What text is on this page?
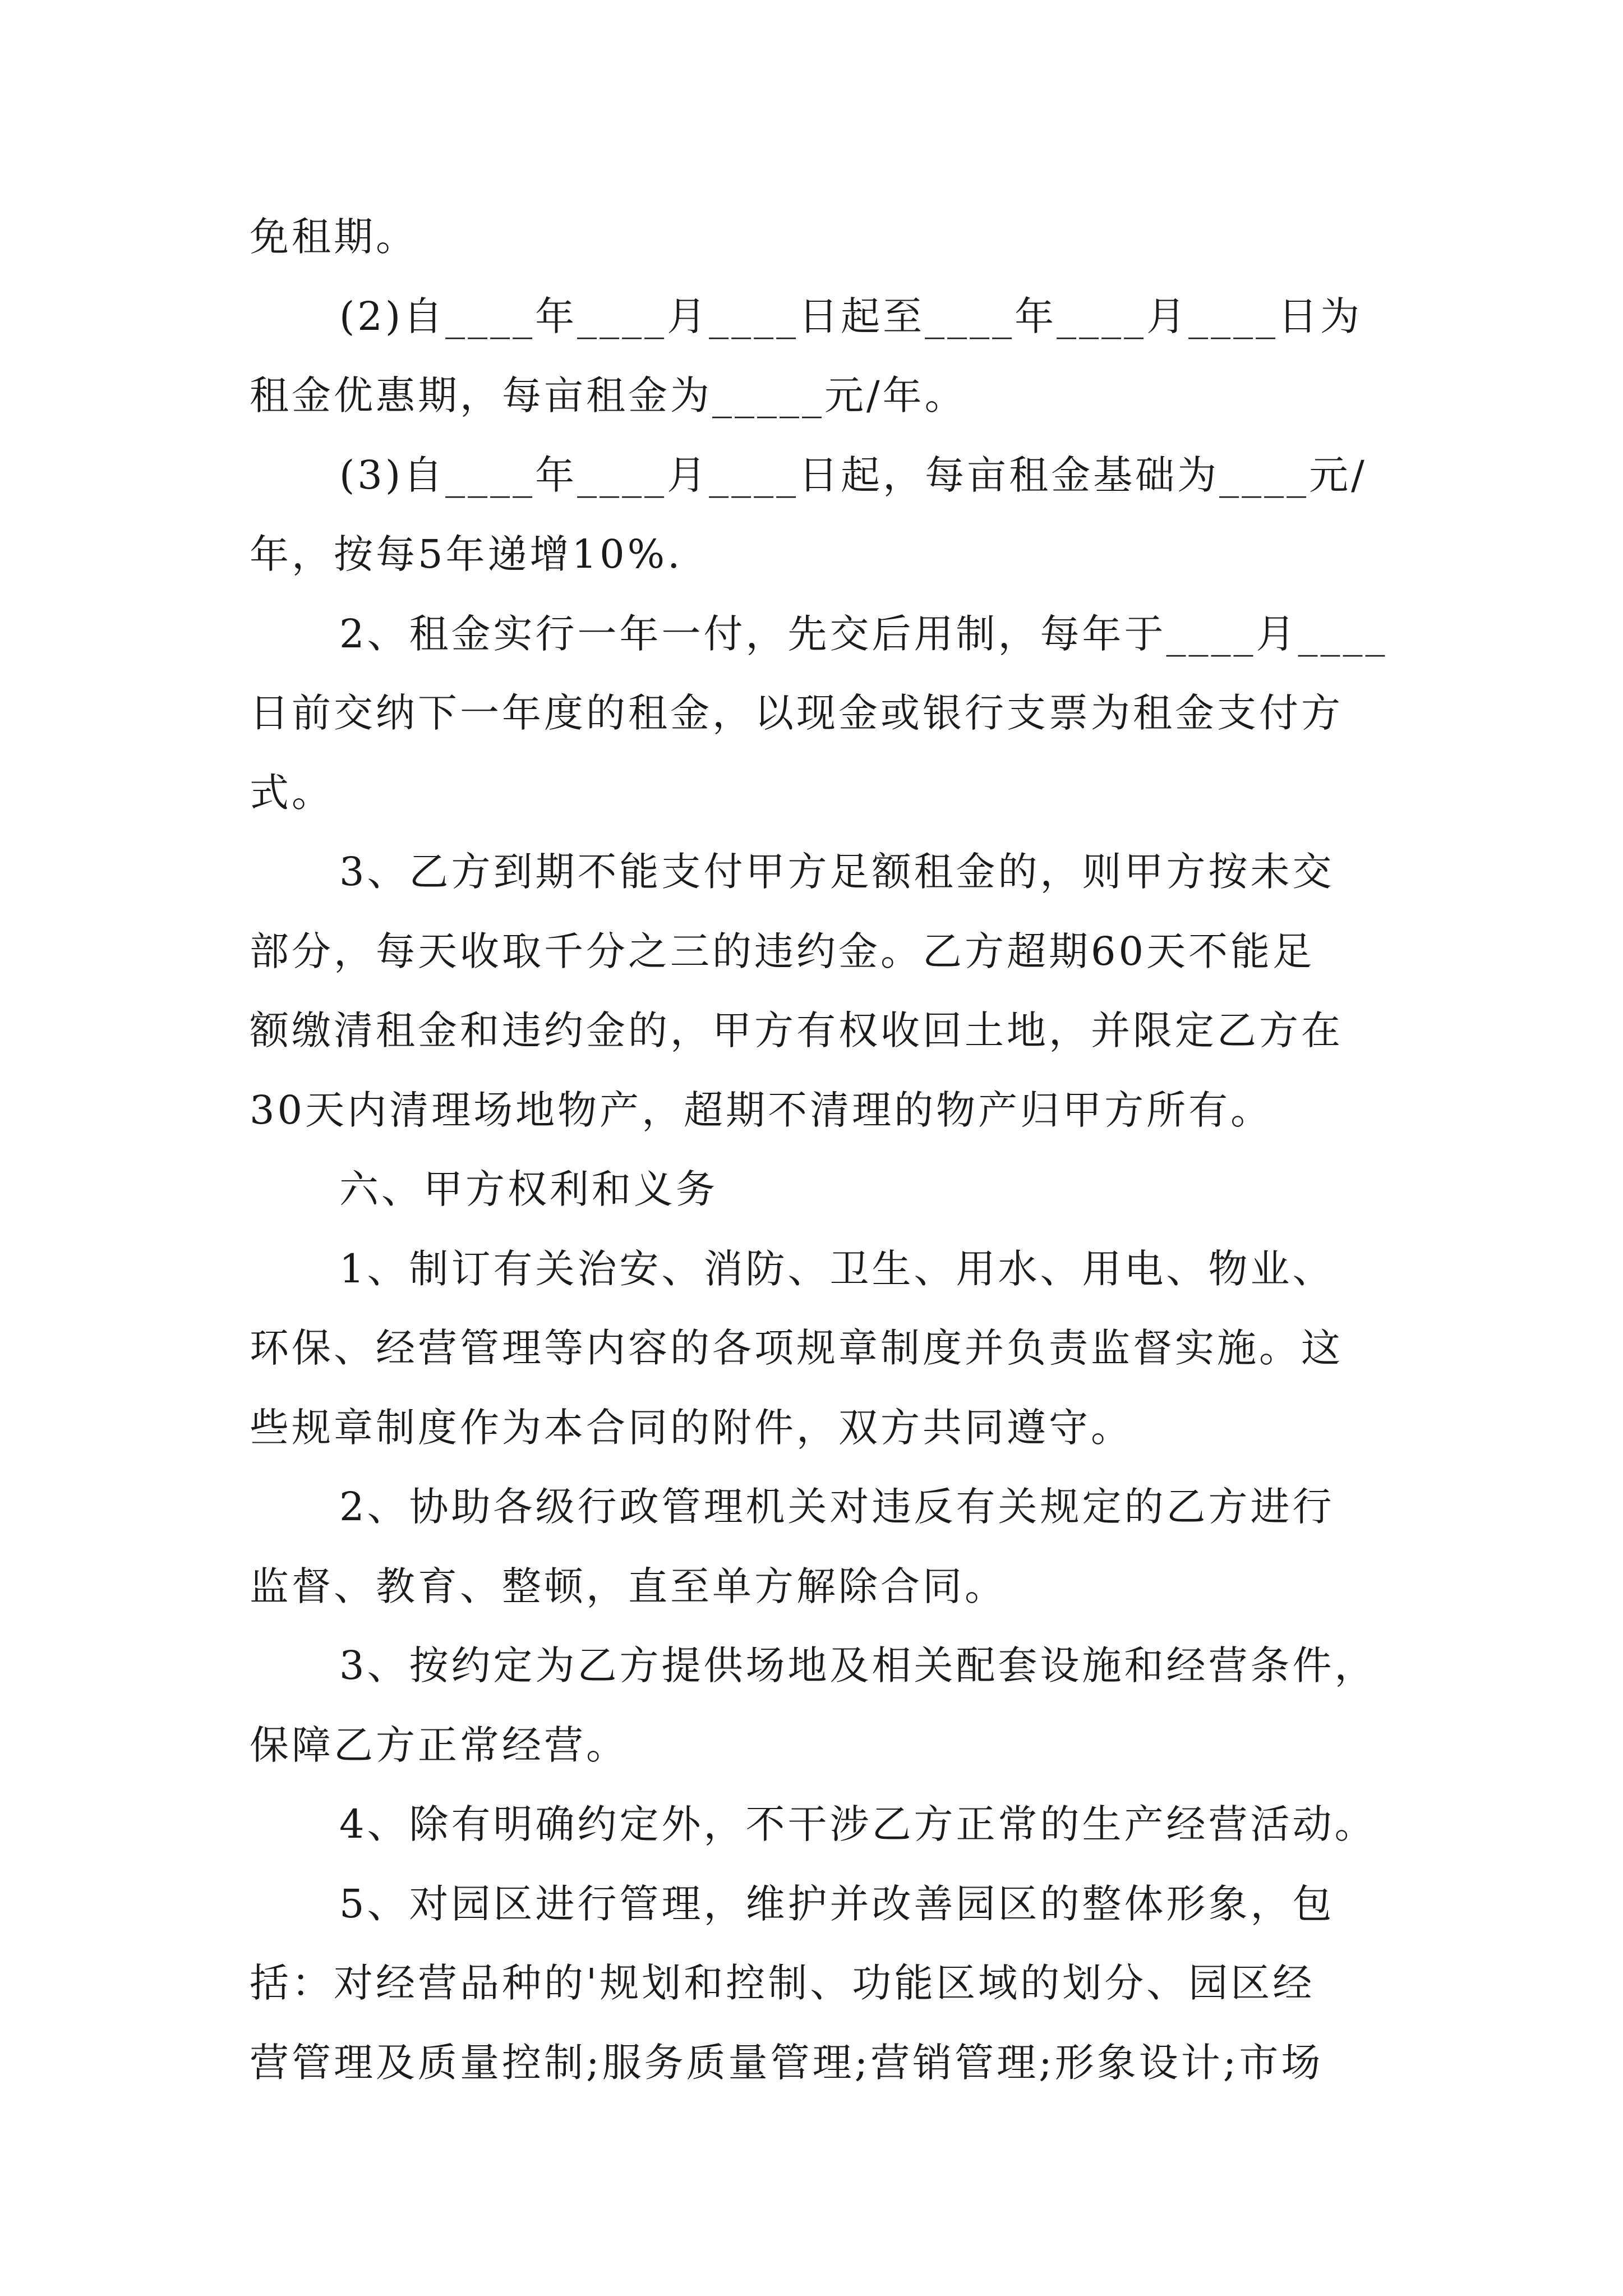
免租期。
(2)自____年____月____日起至____年____月____日为
租金优惠期，每亩租金为_____元/年。
(3)自____年____月____日起，每亩租金基础为____元/
年，按每5年递增10%.
2、租金实行一年一付，先交后用制，每年于____月____
日前交纳下一年度的租金，以现金或银行支票为租金支付方
式。
3、乙方到期不能支付甲方足额租金的，则甲方按未交
部分，每天收取千分之三的违约金。乙方超期60天不能足
额缴清租金和违约金的，甲方有权收回土地，并限定乙方在
30天内清理场地物产，超期不清理的物产归甲方所有。
六、甲方权利和义务
1、制订有关治安、消防、卫生、用水、用电、物业、
环保、经营管理等内容的各项规章制度并负责监督实施。这
些规章制度作为本合同的附件，双方共同遵守。
2、协助各级行政管理机关对违反有关规定的乙方进行
监督、教育、整顿，直至单方解除合同。
3、按约定为乙方提供场地及相关配套设施和经营条件，
保障乙方正常经营。
4、除有明确约定外，不干涉乙方正常的生产经营活动。
5、对园区进行管理，维护并改善园区的整体形象，包
括：对经营品种的'规划和控制、功能区域的划分、园区经
营管理及质量控制;服务质量管理;营销管理;形象设计;市场
